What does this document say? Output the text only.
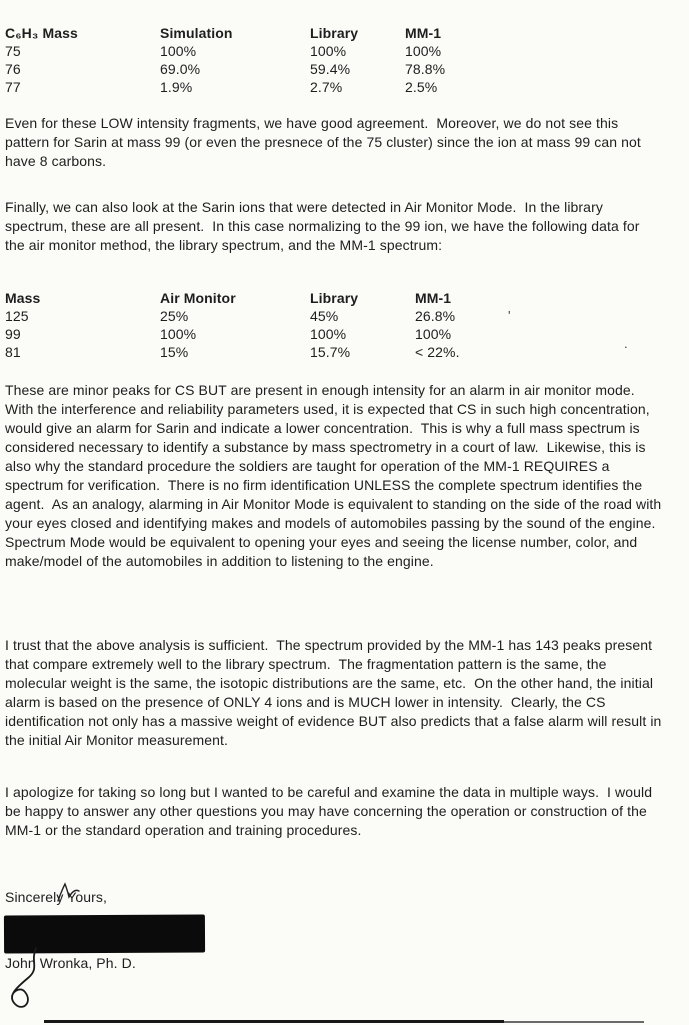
C₆H₃ Mass	Simulation	Library	MM-1
75	100%	100%	100%
76	69.0%	59.4%	78.8%
77	1.9%	2.7%	2.5%

Even for these LOW intensity fragments, we have good agreement.  Moreover, we do not see this pattern for Sarin at mass 99 (or even the presnece of the 75 cluster) since the ion at mass 99 can not have 8 carbons.

Finally, we can also look at the Sarin ions that were detected in Air Monitor Mode.  In the library spectrum, these are all present.  In this case normalizing to the 99 ion, we have the following data for the air monitor method, the library spectrum, and the MM-1 spectrum:

Mass	Air Monitor	Library	MM-1
125	25%	45%	26.8%
99	100%	100%	100%
81	15%	15.7%	< 22%.
'
.

These are minor peaks for CS BUT are present in enough intensity for an alarm in air monitor mode.  With the interference and reliability parameters used, it is expected that CS in such high concentration, would give an alarm for Sarin and indicate a lower concentration.  This is why a full mass spectrum is considered necessary to identify a substance by mass spectrometry in a court of law.  Likewise, this is also why the standard procedure the soldiers are taught for operation of the MM-1 REQUIRES a spectrum for verification.  There is no firm identification UNLESS the complete spectrum identifies the agent.  As an analogy, alarming in Air Monitor Mode is equivalent to standing on the side of the road with your eyes closed and identifying makes and models of automobiles passing by the sound of the engine.  Spectrum Mode would be equivalent to opening your eyes and seeing the license number, color, and make/model of the automobiles in addition to listening to the engine.

I trust that the above analysis is sufficient.  The spectrum provided by the MM-1 has 143 peaks present that compare extremely well to the library spectrum.  The fragmentation pattern is the same, the molecular weight is the same, the isotopic distributions are the same, etc.  On the other hand, the initial alarm is based on the presence of ONLY 4 ions and is MUCH lower in intensity.  Clearly, the CS identification not only has a massive weight of evidence BUT also predicts that a false alarm will result in the initial Air Monitor measurement.

I apologize for taking so long but I wanted to be careful and examine the data in multiple ways.  I would be happy to answer any other questions you may have concerning the operation or construction of the MM-1 or the standard operation and training procedures.

Sincerely Yours,

John Wronka, Ph. D.
